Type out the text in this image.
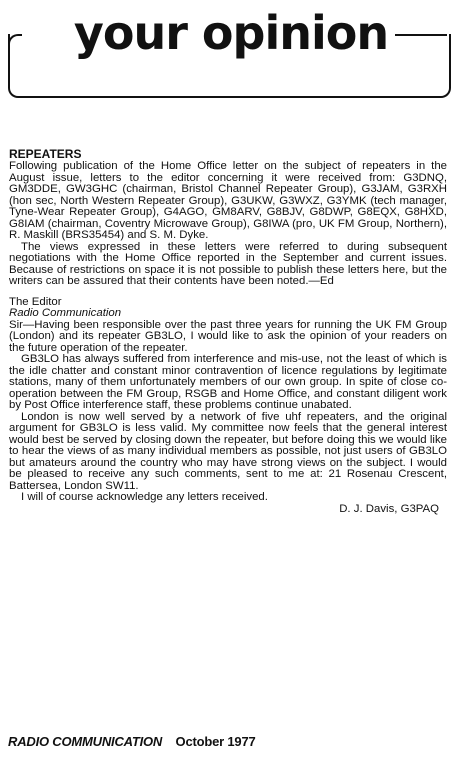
your opinion

REPEATERS

Following publication of the Home Office letter on the subject of repeaters in the August issue, letters to the editor concerning it were received from: G3DNQ, GM3DDE, GW3GHC (chairman, Bristol Channel Repeater Group), G3JAM, G3RXH (hon sec, North Western Repeater Group), G3UKW, G3WXZ, G3YMK (tech manager, Tyne-Wear Repeater Group), G4AGO, GM8ARV, G8BJV, G8DWP, G8EQX, G8HXD, G8IAM (chairman, Coventry Microwave Group), G8IWA (pro, UK FM Group, Northern), R. Maskill (BRS35454) and S. M. Dyke.

The views expressed in these letters were referred to during subsequent negotiations with the Home Office reported in the September and current issues. Because of restrictions on space it is not possible to publish these letters here, but the writers can be assured that their contents have been noted.—Ed

The Editor

Radio Communication

Sir—Having been responsible over the past three years for running the UK FM Group (London) and its repeater GB3LO, I would like to ask the opinion of your readers on the future operation of the repeater.

GB3LO has always suffered from interference and mis-use, not the least of which is the idle chatter and constant minor contravention of licence regulations by legitimate stations, many of them unfortunately members of our own group. In spite of close co-operation between the FM Group, RSGB and Home Office, and constant diligent work by Post Office interference staff, these problems continue unabated.

London is now well served by a network of five uhf repeaters, and the original argument for GB3LO is less valid. My committee now feels that the general interest would best be served by closing down the repeater, but before doing this we would like to hear the views of as many individual members as possible, not just users of GB3LO but amateurs around the country who may have strong views on the subject. I would be pleased to receive any such comments, sent to me at: 21 Rosenau Crescent, Battersea, London SW11.

I will of course acknowledge any letters received.

D. J. Davis, G3PAQ

RADIO COMMUNICATION October 1977
